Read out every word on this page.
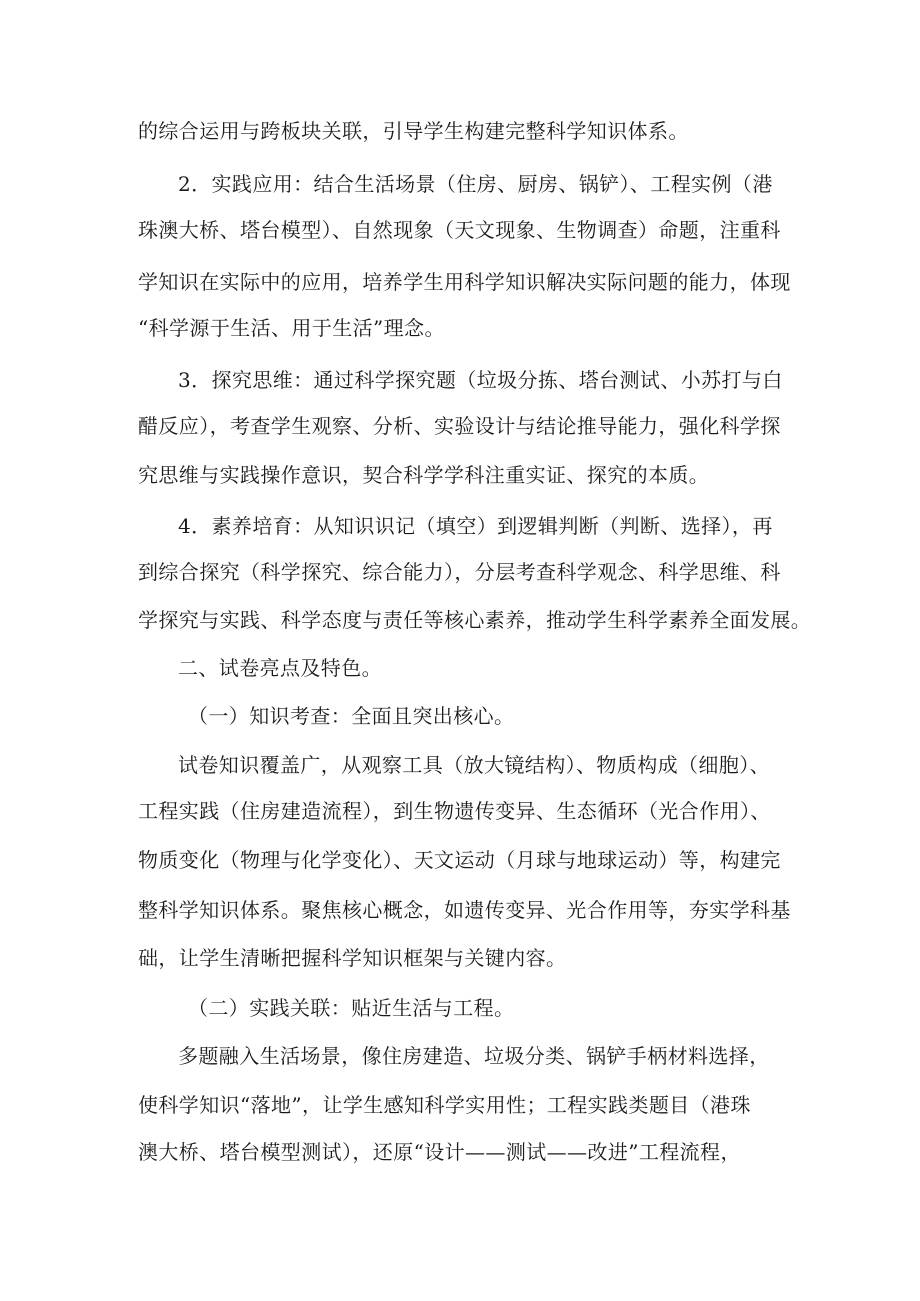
的综合运用与跨板块关联，引导学生构建完整科学知识体系。
2．实践应用：结合生活场景（住房、厨房、锅铲）、工程实例（港
珠澳大桥、塔台模型）、自然现象（天文现象、生物调查）命题，注重科
学知识在实际中的应用，培养学生用科学知识解决实际问题的能力，体现
“科学源于生活、用于生活”理念。
3．探究思维：通过科学探究题（垃圾分拣、塔台测试、小苏打与白
醋反应），考查学生观察、分析、实验设计与结论推导能力，强化科学探
究思维与实践操作意识，契合科学学科注重实证、探究的本质。
4．素养培育：从知识识记（填空）到逻辑判断（判断、选择），再
到综合探究（科学探究、综合能力），分层考查科学观念、科学思维、科
学探究与实践、科学态度与责任等核心素养，推动学生科学素养全面发展。
二、试卷亮点及特色。
（一）知识考查：全面且突出核心。
试卷知识覆盖广，从观察工具（放大镜结构）、物质构成（细胞）、
工程实践（住房建造流程），到生物遗传变异、生态循环（光合作用）、
物质变化（物理与化学变化）、天文运动（月球与地球运动）等，构建完
整科学知识体系。聚焦核心概念，如遗传变异、光合作用等，夯实学科基
础，让学生清晰把握科学知识框架与关键内容。
（二）实践关联：贴近生活与工程。
多题融入生活场景，像住房建造、垃圾分类、锅铲手柄材料选择，
使科学知识“落地”，让学生感知科学实用性；工程实践类题目（港珠
澳大桥、塔台模型测试），还原“设计——测试——改进”工程流程，
